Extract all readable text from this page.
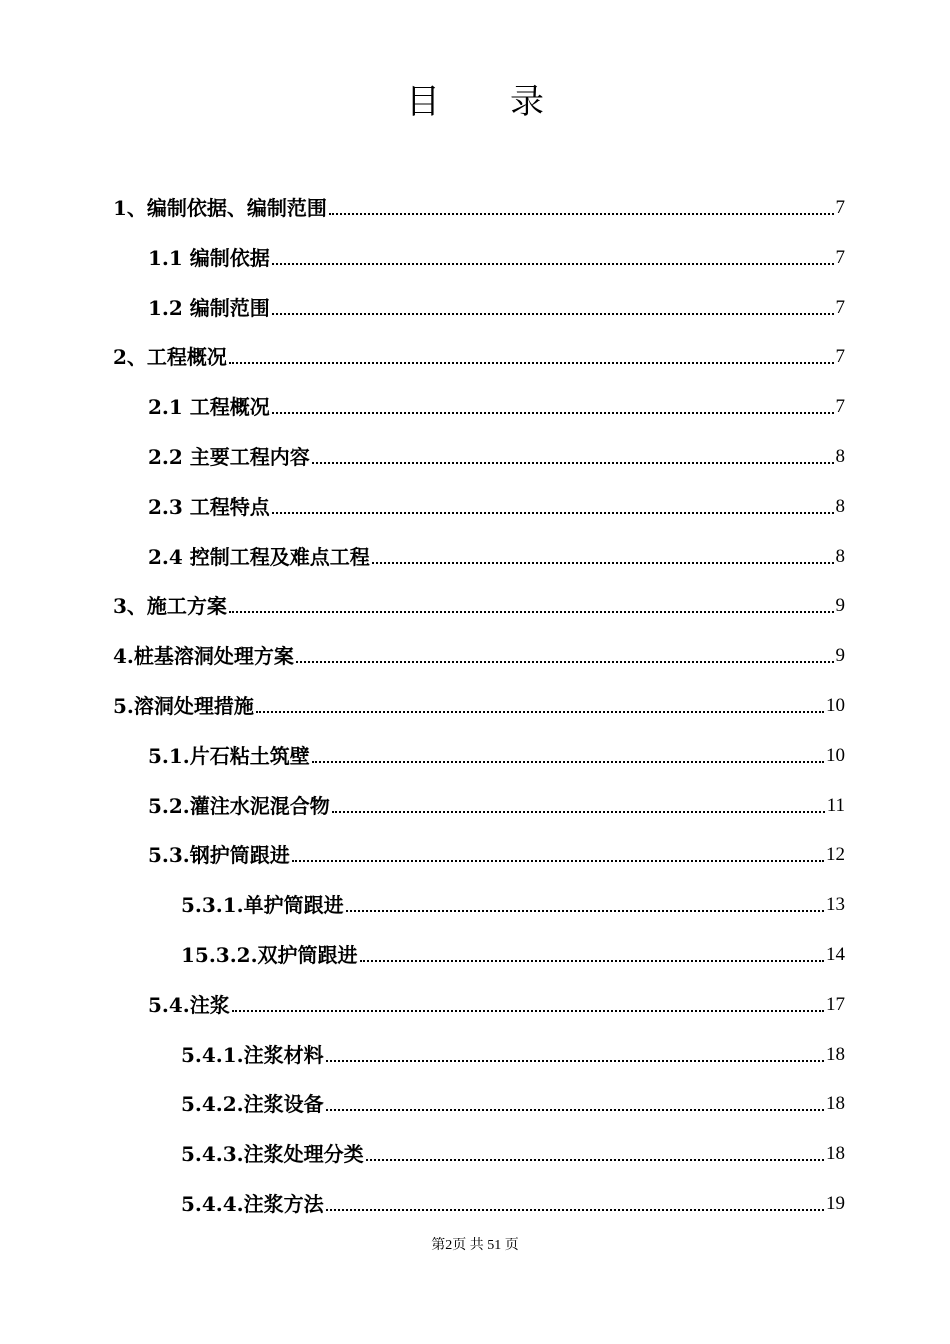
目 录
1、编制依据、编制范围	7
1.1 编制依据	7
1.2 编制范围	7
2、工程概况	7
2.1 工程概况	7
2.2 主要工程内容	8
2.3 工程特点	8
2.4 控制工程及难点工程	8
3、施工方案	9
4.桩基溶洞处理方案	9
5.溶洞处理措施	10
5.1.片石粘土筑壁	10
5.2.灌注水泥混合物	11
5.3.钢护筒跟进	12
5.3.1.单护筒跟进	13
15.3.2.双护筒跟进	14
5.4.注浆	17
5.4.1.注浆材料	18
5.4.2.注浆设备	18
5.4.3.注浆处理分类	18
5.4.4.注浆方法	19
第2页 共 51 页
